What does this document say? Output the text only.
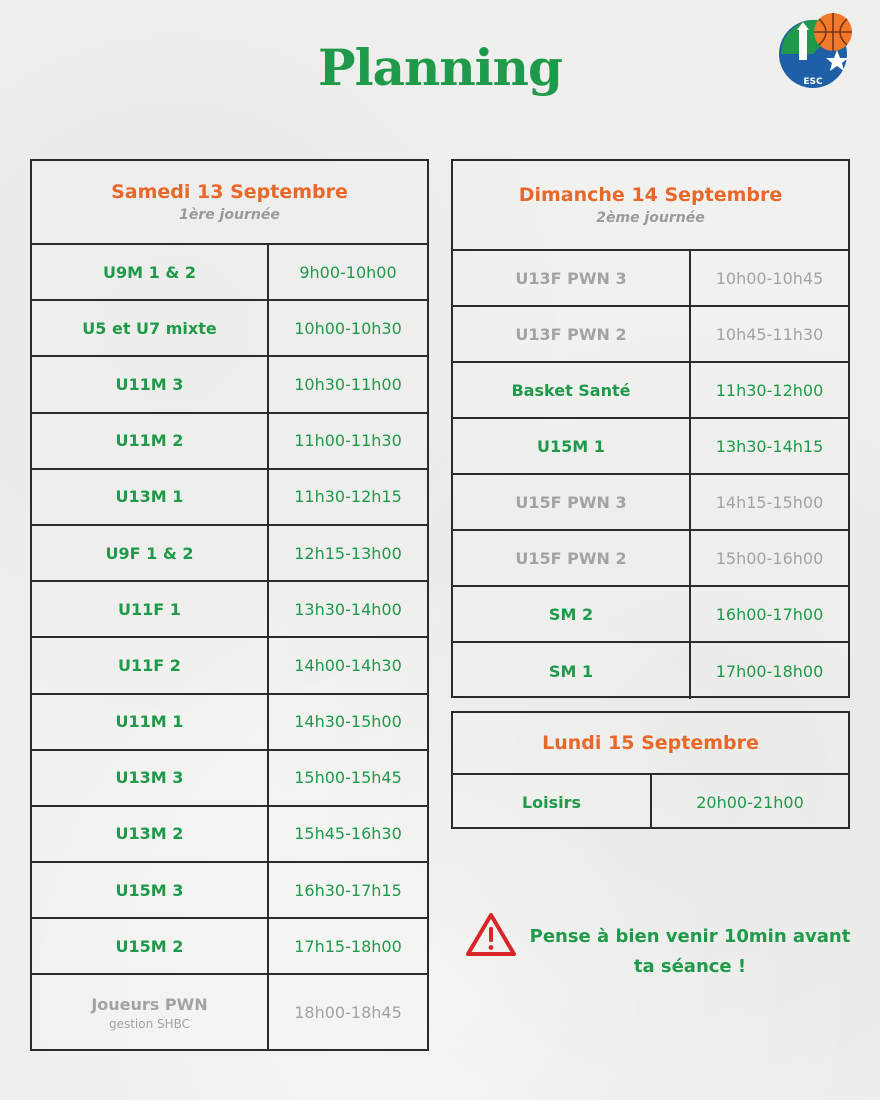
Planning	ESC
Samedi 13 Septembre
1ère journée
U9M 1 & 2	9h00-10h00
U5 et U7 mixte	10h00-10h30
U11M 3	10h30-11h00
U11M 2	11h00-11h30
U13M 1	11h30-12h15
U9F 1 & 2	12h15-13h00
U11F 1	13h30-14h00
U11F 2	14h00-14h30
U11M 1	14h30-15h00
U13M 3	15h00-15h45
U13M 2	15h45-16h30
U15M 3	16h30-17h15
U15M 2	17h15-18h00
Joueurs PWN
gestion SHBC
18h00-18h45
Dimanche 14 Septembre
2ème journée
U13F PWN 3	10h00-10h45
U13F PWN 2	10h45-11h30
Basket Santé	11h30-12h00
U15M 1	13h30-14h15
U15F PWN 3	14h15-15h00
U15F PWN 2	15h00-16h00
SM 2	16h00-17h00
SM 1	17h00-18h00
Lundi 15 Septembre
Loisirs	20h00-21h00
Pense à bien venir 10min avant
ta séance !
